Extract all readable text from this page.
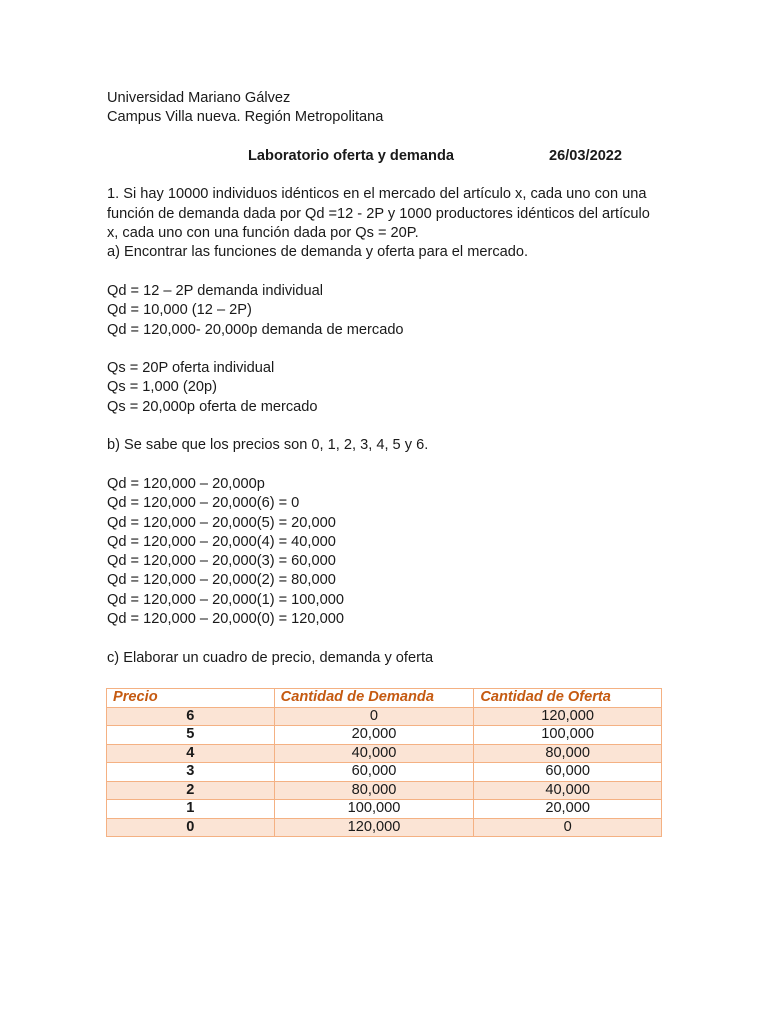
Universidad Mariano Gálvez

Campus Villa nueva. Región Metropolitana

Laboratorio oferta y demanda	26/03/2022

1. Si hay 10000 individuos idénticos en el mercado del artículo x, cada uno con una función de demanda dada por Qd =12 - 2P y 1000 productores idénticos del artículo x, cada uno con una función dada por Qs = 20P.

a) Encontrar las funciones de demanda y oferta para el mercado.

Qd = 12 – 2P demanda individual

Qd = 10,000 (12 – 2P)

Qd = 120,000- 20,000p demanda de mercado

Qs = 20P oferta individual

Qs = 1,000 (20p)

Qs = 20,000p oferta de mercado

b) Se sabe que los precios son 0, 1, 2, 3, 4, 5 y 6.

Qd = 120,000 – 20,000p

Qd = 120,000 – 20,000(6) = 0

Qd = 120,000 – 20,000(5) = 20,000

Qd = 120,000 – 20,000(4) = 40,000

Qd = 120,000 – 20,000(3) = 60,000

Qd = 120,000 – 20,000(2) = 80,000

Qd = 120,000 – 20,000(1) = 100,000

Qd = 120,000 – 20,000(0) = 120,000

c) Elaborar un cuadro de precio, demanda y oferta

Precio	Cantidad de Demanda	Cantidad de Oferta
6	0	120,000
5	20,000	100,000
4	40,000	80,000
3	60,000	60,000
2	80,000	40,000
1	100,000	20,000
0	120,000	0
